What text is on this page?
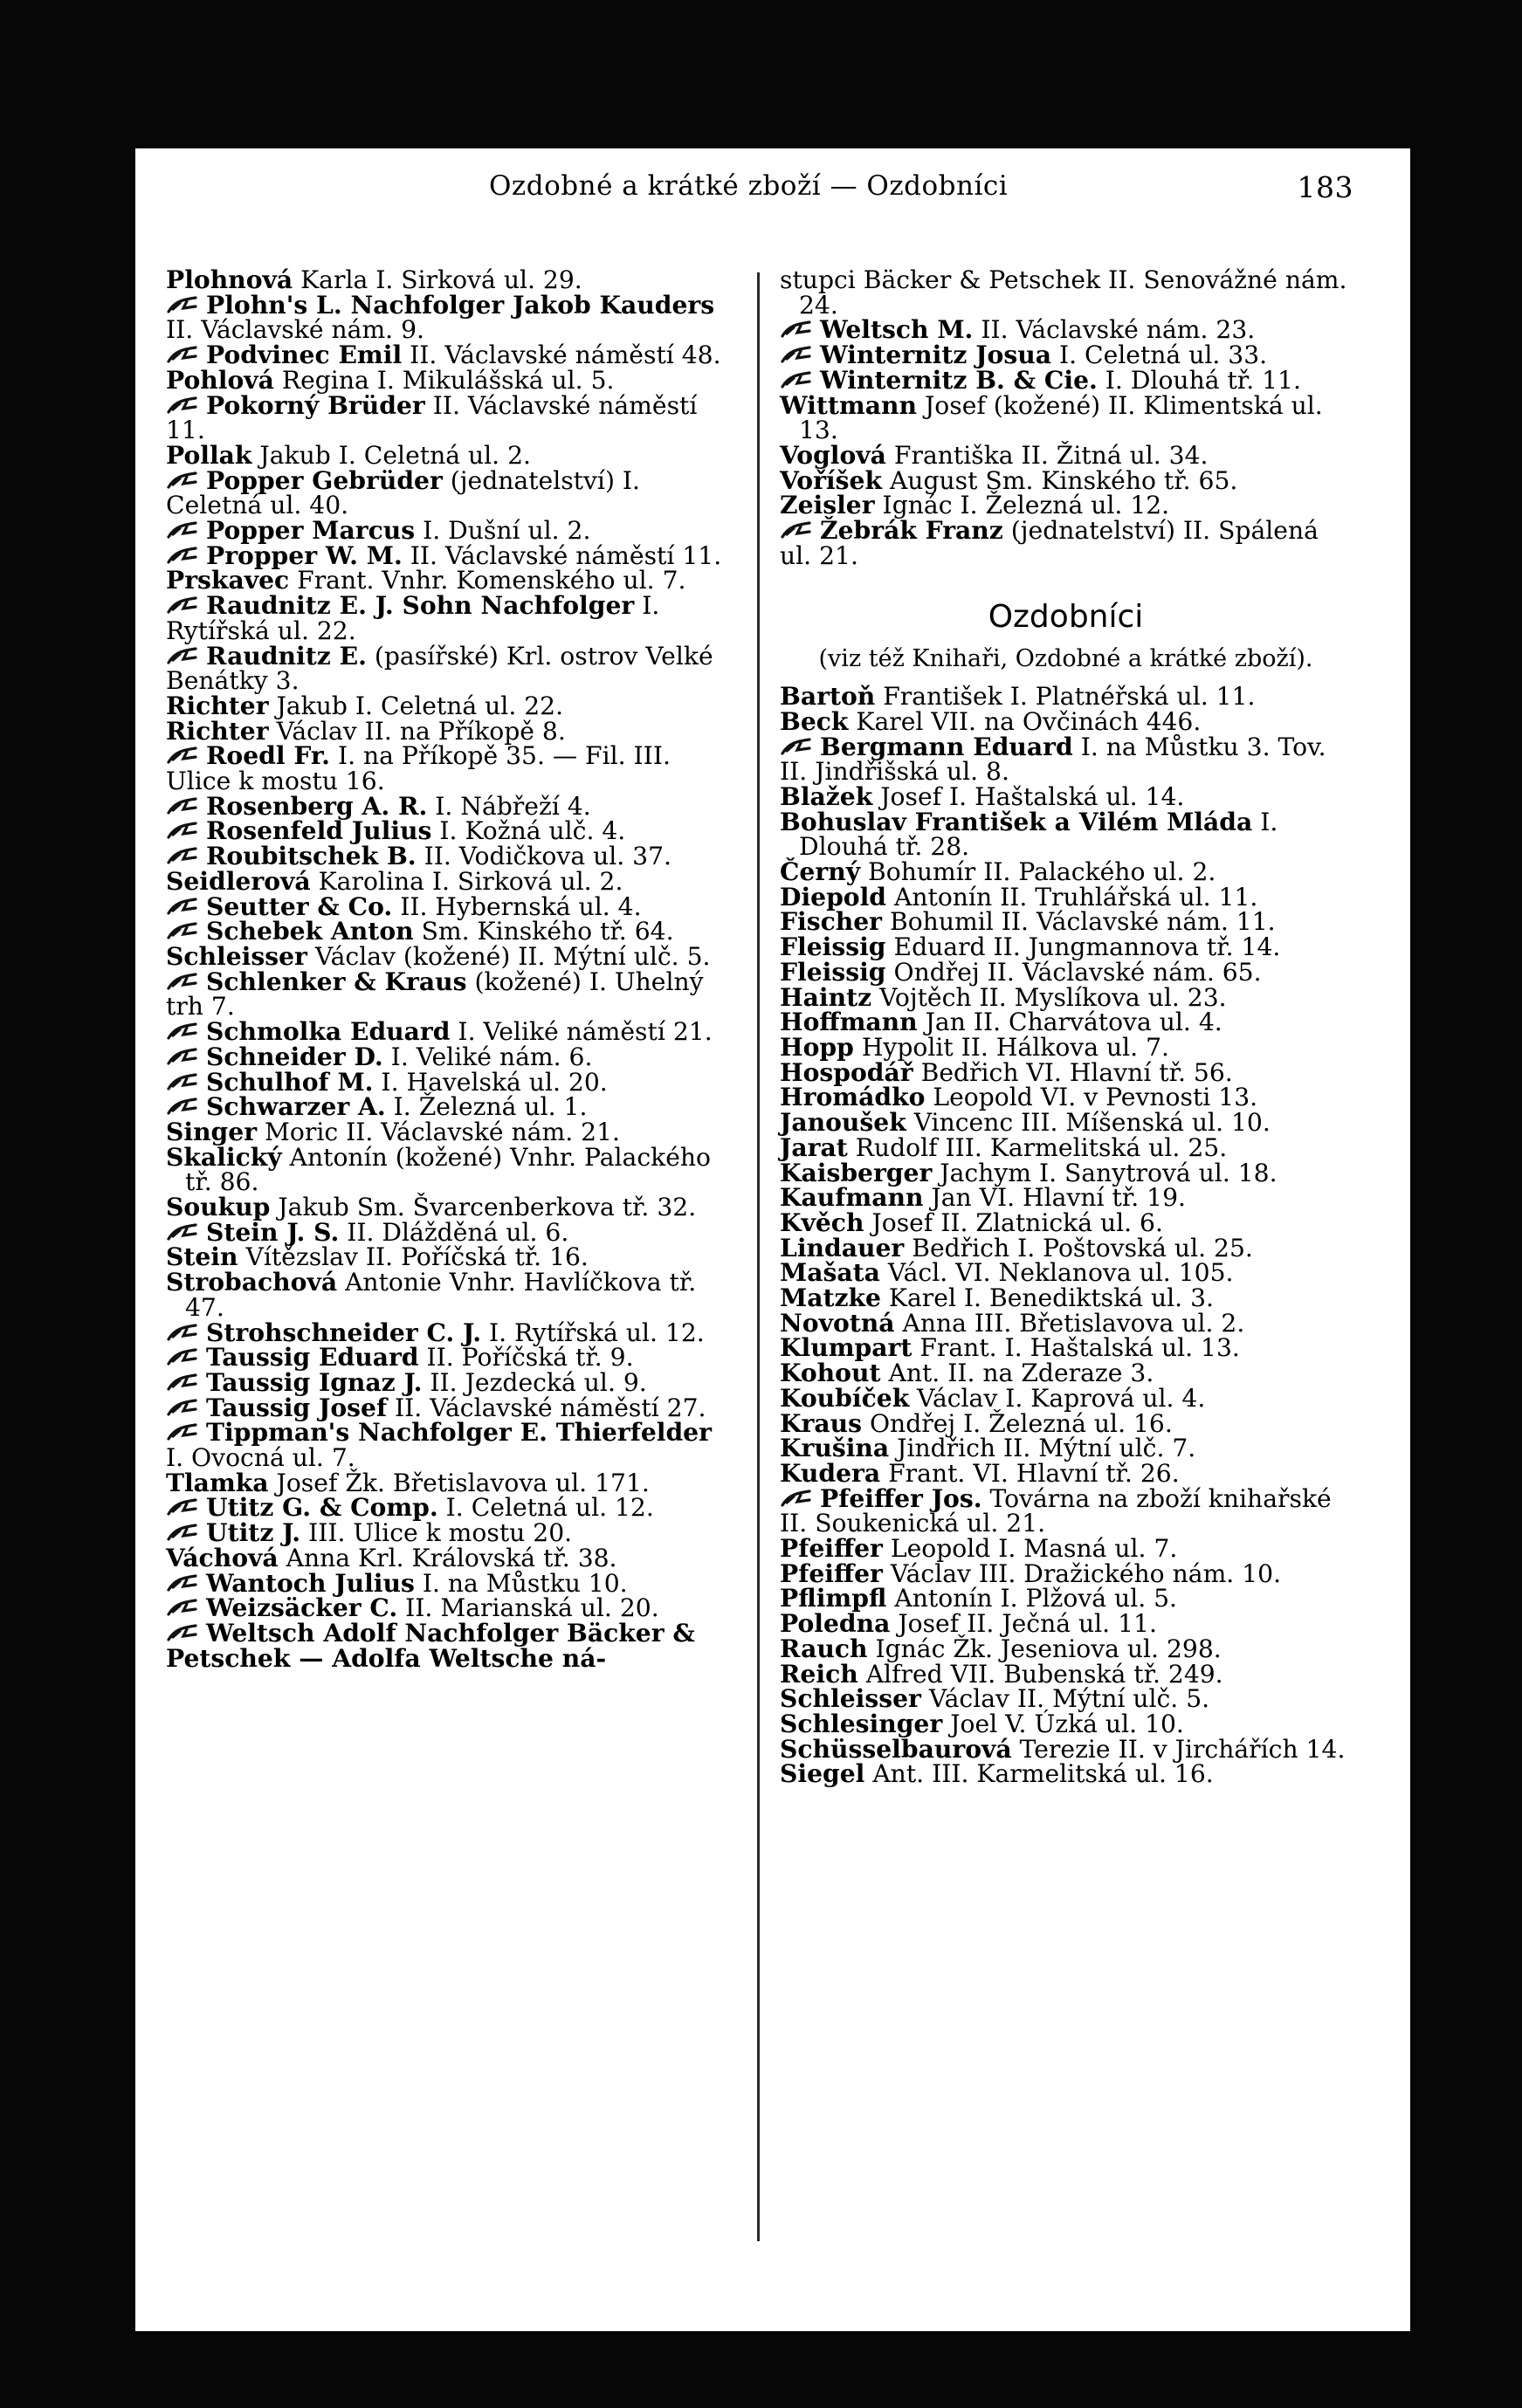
Ozdobné a krátké zboží — Ozdobníci	183

Plohnová Karla I. Sirková ul. 29.

Plohn's L. Nachfolger Jakob Kauders II. Václavské nám. 9.

Podvinec Emil II. Václavské náměstí 48.

Pohlová Regina I. Mikulášská ul. 5.

Pokorný Brüder II. Václavské náměstí 11.

Pollak Jakub I. Celetná ul. 2.

Popper Gebrüder (jednatelství) I. Celetná ul. 40.

Popper Marcus I. Dušní ul. 2.

Propper W. M. II. Václavské náměstí 11.

Prskavec Frant. Vnhr. Komenského ul. 7.

Raudnitz E. J. Sohn Nachfolger I. Rytířská ul. 22.

Raudnitz E. (pasířské) Krl. ostrov Velké Benátky 3.

Richter Jakub I. Celetná ul. 22.

Richter Václav II. na Příkopě 8.

Roedl Fr. I. na Příkopě 35. — Fil. III. Ulice k mostu 16.

Rosenberg A. R. I. Nábřeží 4.

Rosenfeld Julius I. Kožná ulč. 4.

Roubitschek B. II. Vodičkova ul. 37.

Seidlerová Karolina I. Sirková ul. 2.

Seutter & Co. II. Hybernská ul. 4.

Schebek Anton Sm. Kinského tř. 64.

Schleisser Václav (kožené) II. Mýtní ulč. 5.

Schlenker & Kraus (kožené) I. Uhelný trh 7.

Schmolka Eduard I. Veliké náměstí 21.

Schneider D. I. Veliké nám. 6.

Schulhof M. I. Havelská ul. 20.

Schwarzer A. I. Železná ul. 1.

Singer Moric II. Václavské nám. 21.

Skalický Antonín (kožené) Vnhr. Palackého tř. 86.

Soukup Jakub Sm. Švarcenberkova tř. 32.

Stein J. S. II. Dlážděná ul. 6.

Stein Vítězslav II. Poříčská tř. 16.

Strobachová Antonie Vnhr. Havlíčkova tř. 47.

Strohschneider C. J. I. Rytířská ul. 12.

Taussig Eduard II. Poříčská tř. 9.

Taussig Ignaz J. II. Jezdecká ul. 9.

Taussig Josef II. Václavské náměstí 27.

Tippman's Nachfolger E. Thierfelder I. Ovocná ul. 7.

Tlamka Josef Žk. Břetislavova ul. 171.

Utitz G. & Comp. I. Celetná ul. 12.

Utitz J. III. Ulice k mostu 20.

Váchová Anna Krl. Královská tř. 38.

Wantoch Julius I. na Můstku 10.

Weizsäcker C. II. Marianská ul. 20.

Weltsch Adolf Nachfolger Bäcker & Petschek — Adolfa Weltsche ná-

stupci Bäcker & Petschek II. Senovážné nám. 24.

Weltsch M. II. Václavské nám. 23.

Winternitz Josua I. Celetná ul. 33.

Winternitz B. & Cie. I. Dlouhá tř. 11.

Wittmann Josef (kožené) II. Klimentská ul. 13.

Voglová Františka II. Žitná ul. 34.

Voříšek August Sm. Kinského tř. 65.

Zeisler Ignác I. Železná ul. 12.

Žebrák Franz (jednatelství) II. Spálená ul. 21.

Ozdobníci
(viz též Knihaři, Ozdobné a krátké zboží).

Bartoň František I. Platnéřská ul. 11.

Beck Karel VII. na Ovčinách 446.

Bergmann Eduard I. na Můstku 3. Tov. II. Jindřišská ul. 8.

Blažek Josef I. Haštalská ul. 14.

Bohuslav František a Vilém Mláda I. Dlouhá tř. 28.

Černý Bohumír II. Palackého ul. 2.

Diepold Antonín II. Truhlářská ul. 11.

Fischer Bohumil II. Václavské nám. 11.

Fleissig Eduard II. Jungmannova tř. 14.

Fleissig Ondřej II. Václavské nám. 65.

Haintz Vojtěch II. Myslíkova ul. 23.

Hoffmann Jan II. Charvátova ul. 4.

Hopp Hypolit II. Hálkova ul. 7.

Hospodář Bedřich VI. Hlavní tř. 56.

Hromádko Leopold VI. v Pevnosti 13.

Janoušek Vincenc III. Míšenská ul. 10.

Jarat Rudolf III. Karmelitská ul. 25.

Kaisberger Jachym I. Sanytrová ul. 18.

Kaufmann Jan VI. Hlavní tř. 19.

Kvěch Josef II. Zlatnická ul. 6.

Lindauer Bedřich I. Poštovská ul. 25.

Mašata Václ. VI. Neklanova ul. 105.

Matzke Karel I. Benediktská ul. 3.

Novotná Anna III. Břetislavova ul. 2.

Klumpart Frant. I. Haštalská ul. 13.

Kohout Ant. II. na Zderaze 3.

Koubíček Václav I. Kaprová ul. 4.

Kraus Ondřej I. Železná ul. 16.

Krušina Jindřich II. Mýtní ulč. 7.

Kudera Frant. VI. Hlavní tř. 26.

Pfeiffer Jos. Továrna na zboží knihařské II. Soukenická ul. 21.

Pfeiffer Leopold I. Masná ul. 7.

Pfeiffer Václav III. Dražického nám. 10.

Pflimpfl Antonín I. Plžová ul. 5.

Poledna Josef II. Ječná ul. 11.

Rauch Ignác Žk. Jeseniova ul. 298.

Reich Alfred VII. Bubenská tř. 249.

Schleisser Václav II. Mýtní ulč. 5.

Schlesinger Joel V. Úzká ul. 10.

Schüsselbaurová Terezie II. v Jirchářích 14.

Siegel Ant. III. Karmelitská ul. 16.
